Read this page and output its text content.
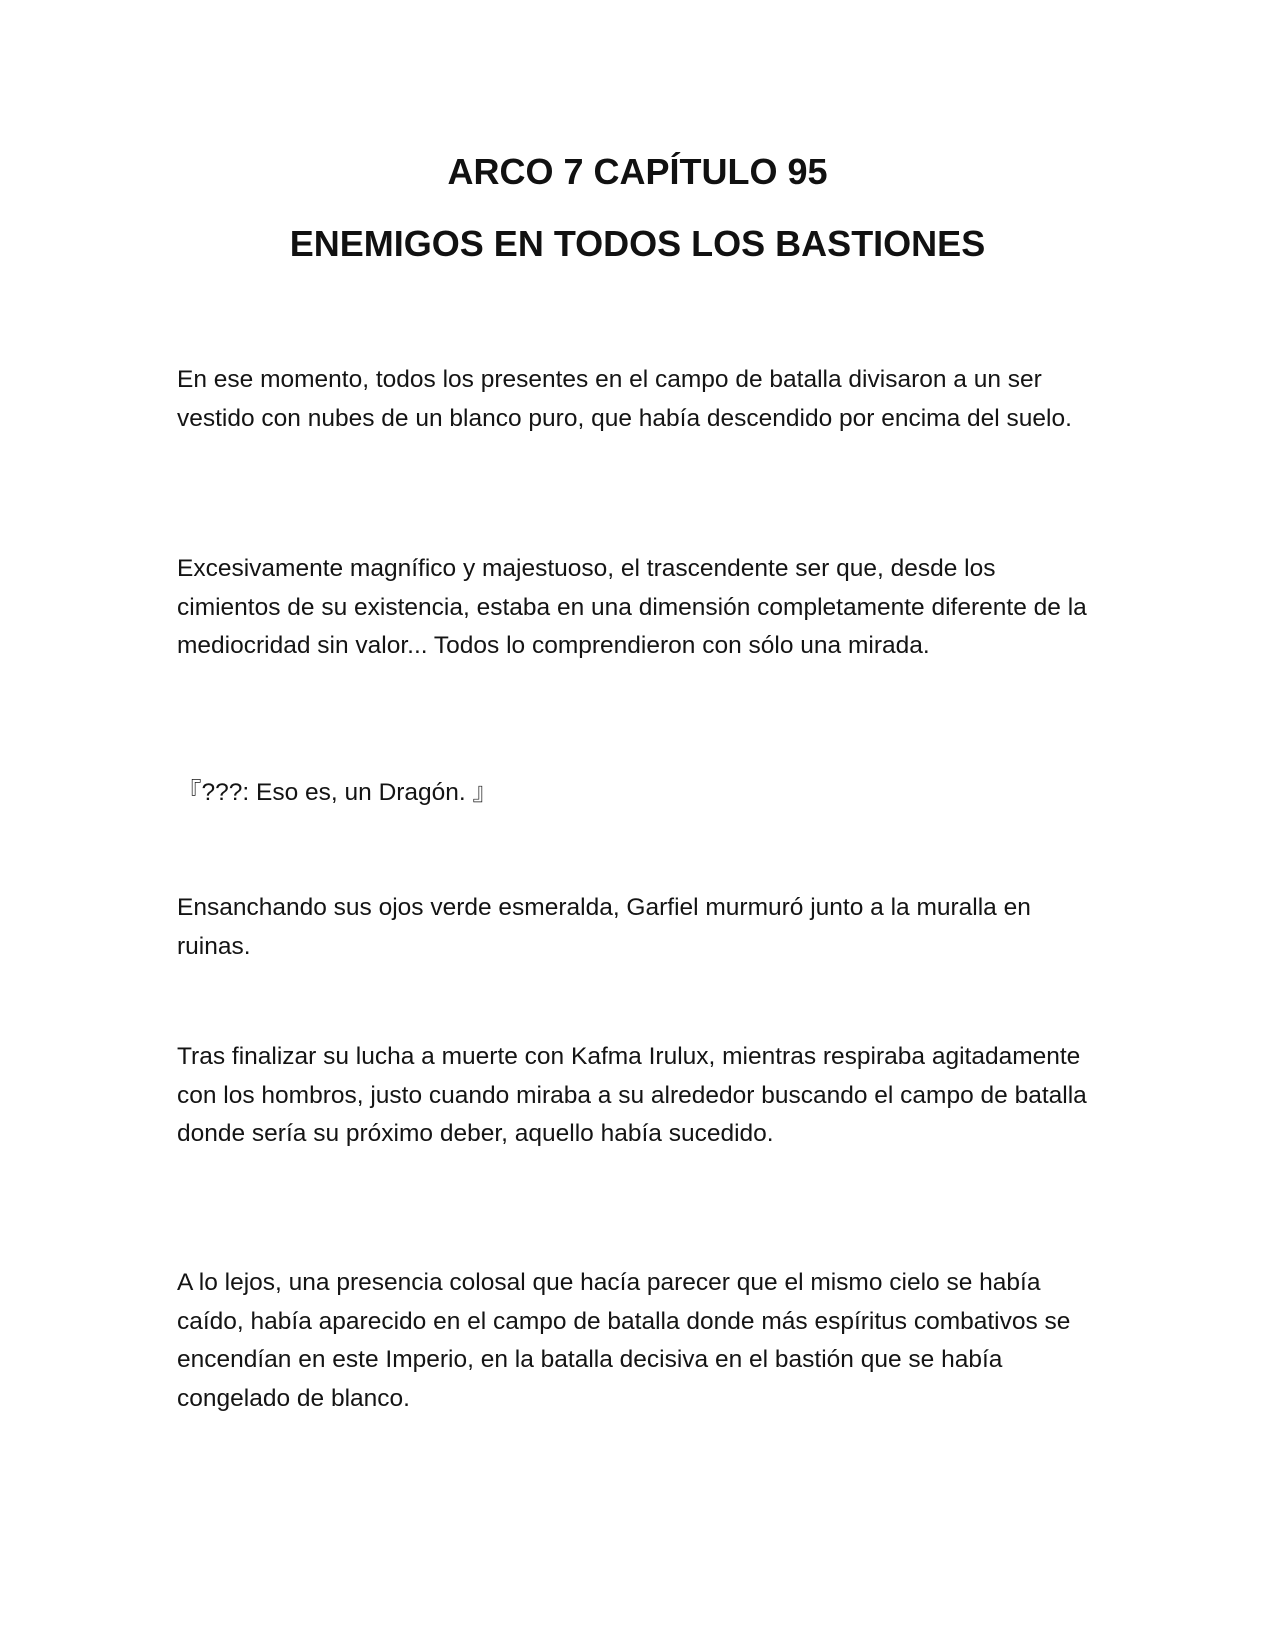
ARCO 7 CAPÍTULO 95
ENEMIGOS EN TODOS LOS BASTIONES

En ese momento, todos los presentes en el campo de batalla divisaron a un ser vestido con nubes de un blanco puro, que había descendido por encima del suelo.

Excesivamente magnífico y majestuoso, el trascendente ser que, desde los cimientos de su existencia, estaba en una dimensión completamente diferente de la mediocridad sin valor... Todos lo comprendieron con sólo una mirada.

『???: Eso es, un Dragón. 』

Ensanchando sus ojos verde esmeralda, Garfiel murmuró junto a la muralla en ruinas.

Tras finalizar su lucha a muerte con Kafma Irulux, mientras respiraba agitadamente con los hombros, justo cuando miraba a su alrededor buscando el campo de batalla donde sería su próximo deber, aquello había sucedido.

A lo lejos, una presencia colosal que hacía parecer que el mismo cielo se había caído, había aparecido en el campo de batalla donde más espíritus combativos se encendían en este Imperio, en la batalla decisiva en el bastión que se había congelado de blanco.
